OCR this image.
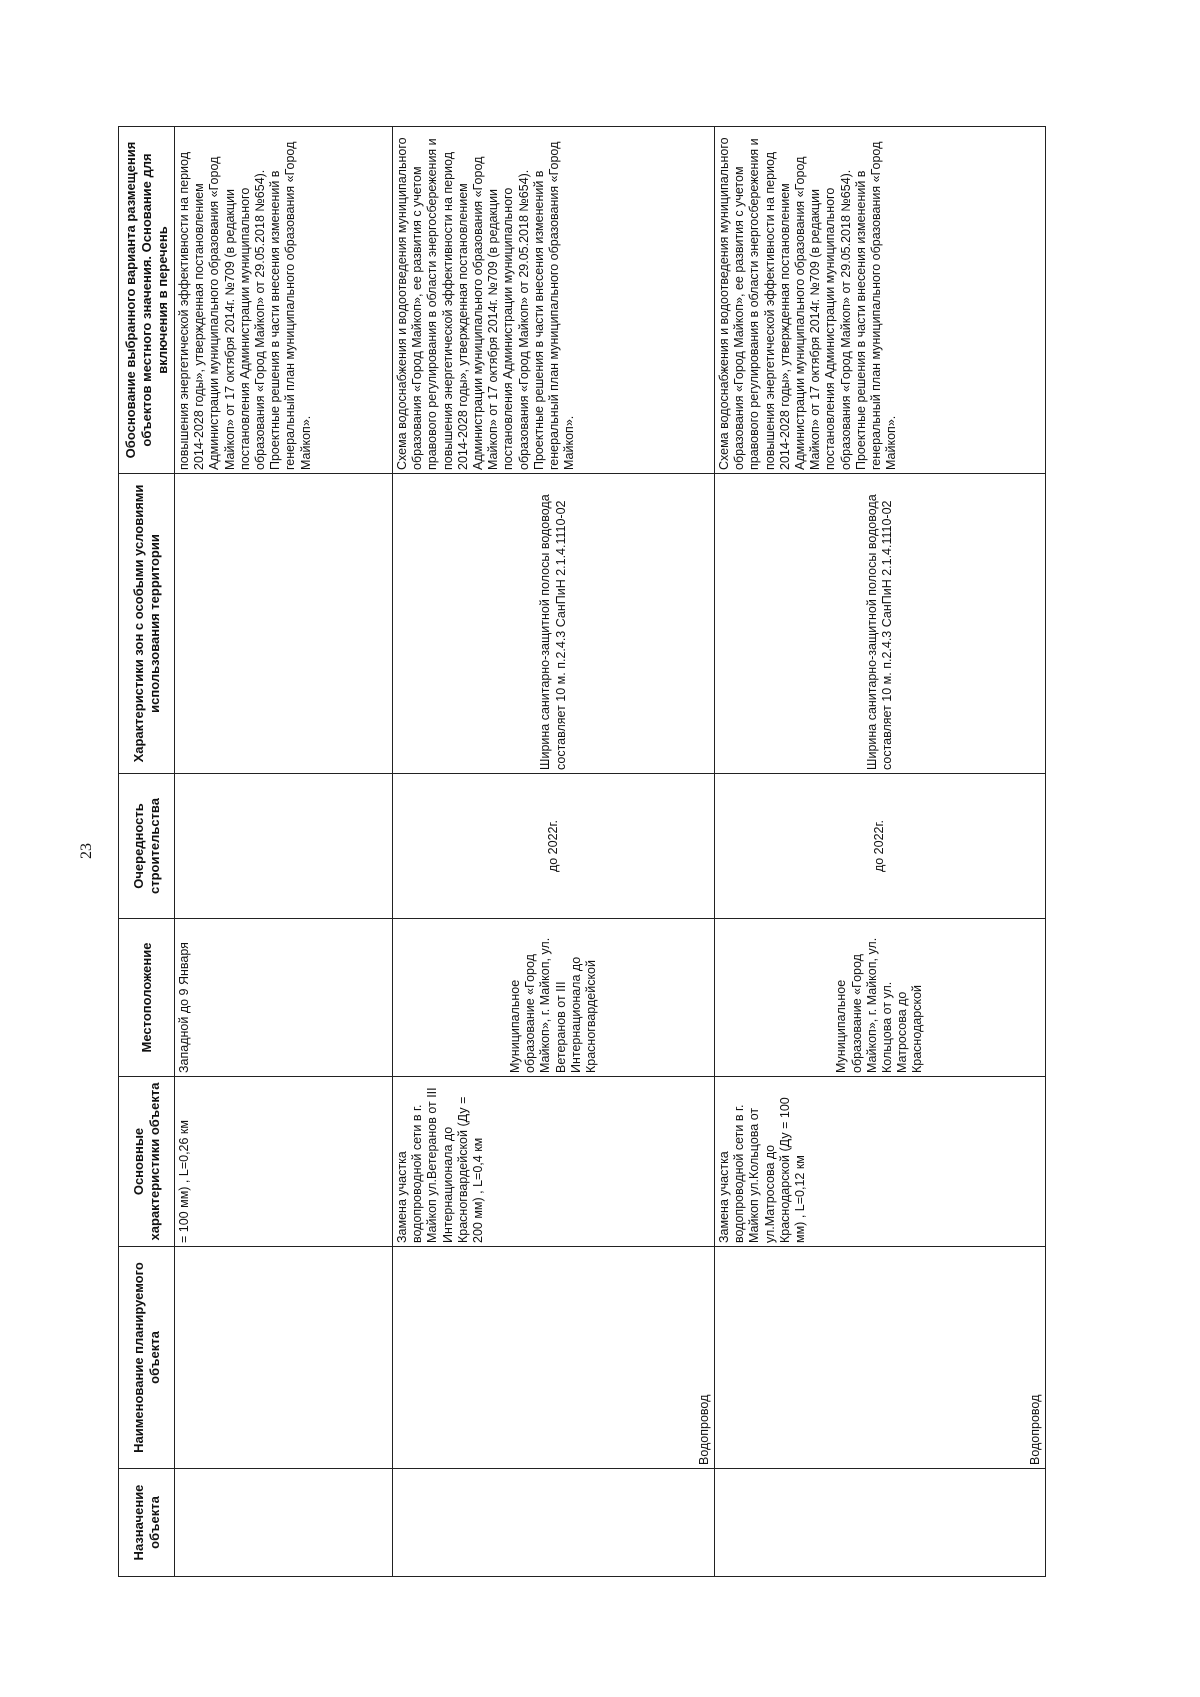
23
Назначение объекта	Наименование планируемого объекта	Основные характеристики объекта	Местоположение	Очередность строительства	Характеристики зон с особыми условиями использования территории	Обоснование выбранного варианта размещения объектов местного значения. Основание для включения в перечень
		= 100 мм) , L=0,26 км	Западной до 9 Января			повышения энергетической эффективности на период 2014-2028 годы», утвержденная постановлением Администрации муниципального образования «Город Майкоп» от 17 октября 2014г. №709 (в редакции постановления Администрации муниципального образования «Город Майкоп» от 29.05.2018 №654). Проектные решения в части внесения изменений в генеральный план муниципального образования «Город Майкоп».

	Водопровод	Замена участка водопроводной сети в г. Майкоп ул.Ветеранов от III Интернационала до Красногвардейской (Ду = 200 мм) , L=0,4 км	Муниципальное образование «Город Майкоп», г. Майкоп, ул. Ветеранов от III Интернационала до Красногвардейской	до 2022г.	Ширина санитарно-защитной полосы водовода составляет 10 м. п.2.4.3 СанПиН 2.1.4.1110-02	Схема водоснабжения и водоотведения муниципального образования «Город Майкоп», ее развития с учетом правового регулирования в области энергосбережения и повышения энергетической эффективности на период 2014-2028 годы», утвержденная постановлением Администрации муниципального образования «Город Майкоп» от 17 октября 2014г. №709 (в редакции постановления Администрации муниципального образования «Город Майкоп» от 29.05.2018 №654). Проектные решения в части внесения изменений в генеральный план муниципального образования «Город Майкоп».

	Водопровод	Замена участка водопроводной сети в г. Майкоп ул.Кольцова от ул.Матросова до Краснодарской (Ду = 100 мм) , L=0,12 км	Муниципальное образование «Город Майкоп», г. Майкоп, ул. Кольцова от ул. Матросова до Краснодарской	до 2022г.	Ширина санитарно-защитной полосы водовода составляет 10 м. п.2.4.3 СанПиН 2.1.4.1110-02	Схема водоснабжения и водоотведения муниципального образования «Город Майкоп», ее развития с учетом правового регулирования в области энергосбережения и повышения энергетической эффективности на период 2014-2028 годы», утвержденная постановлением Администрации муниципального образования «Город Майкоп» от 17 октября 2014г. №709 (в редакции постановления Администрации муниципального образования «Город Майкоп» от 29.05.2018 №654). Проектные решения в части внесения изменений в генеральный план муниципального образования «Город Майкоп».
